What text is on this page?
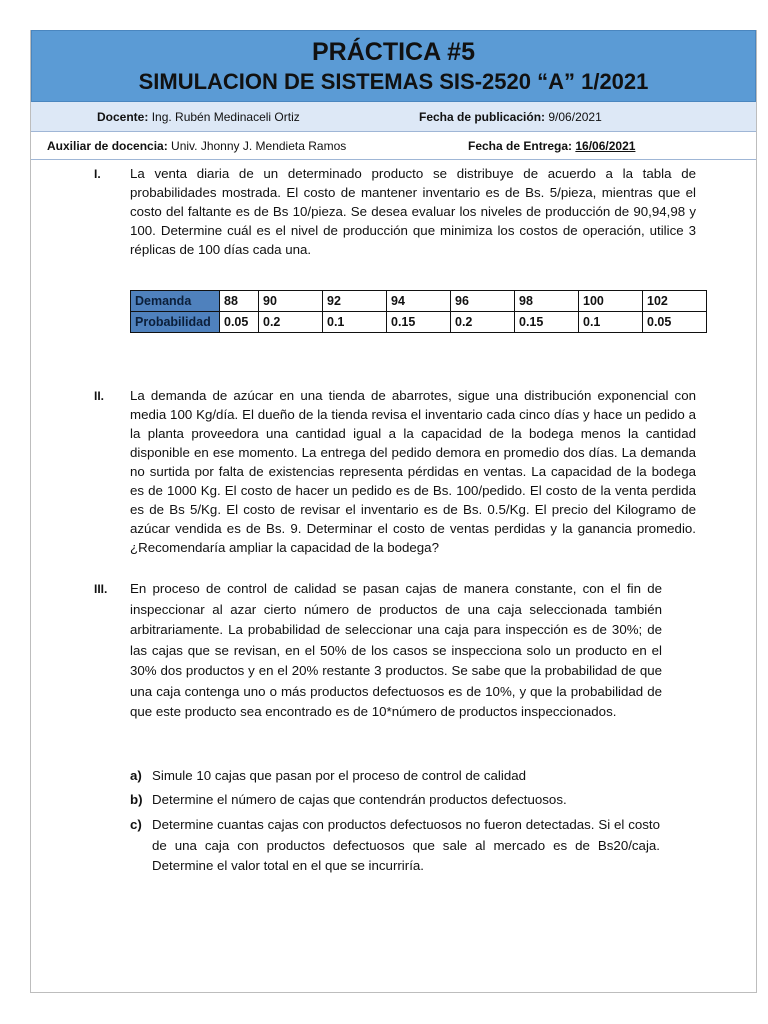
PRÁCTICA #5
SIMULACION DE SISTEMAS SIS-2520 “A” 1/2021
Docente: Ing. Rubén Medinaceli Ortiz	Fecha de publicación: 9/06/2021
Auxiliar de docencia: Univ. Jhonny J. Mendieta Ramos	Fecha de Entrega: 16/06/2021
I. La venta diaria de un determinado producto se distribuye de acuerdo a la tabla de probabilidades mostrada. El costo de mantener inventario es de Bs. 5/pieza, mientras que el costo del faltante es de Bs 10/pieza. Se desea evaluar los niveles de producción de 90,94,98 y 100. Determine cuál es el nivel de producción que minimiza los costos de operación, utilice 3 réplicas de 100 días cada una.
Demanda	88	90	92	94	96	98	100	102
Probabilidad	0.05	0.2	0.1	0.15	0.2	0.15	0.1	0.05
II. La demanda de azúcar en una tienda de abarrotes, sigue una distribución exponencial con media 100 Kg/día. El dueño de la tienda revisa el inventario cada cinco días y hace un pedido a la planta proveedora una cantidad igual a la capacidad de la bodega menos la cantidad disponible en ese momento. La entrega del pedido demora en promedio dos días. La demanda no surtida por falta de existencias representa pérdidas en ventas. La capacidad de la bodega es de 1000 Kg. El costo de hacer un pedido es de Bs. 100/pedido. El costo de la venta perdida es de Bs 5/Kg. El costo de revisar el inventario es de Bs. 0.5/Kg. El precio del Kilogramo de azúcar vendida es de Bs. 9. Determinar el costo de ventas perdidas y la ganancia promedio. ¿Recomendaría ampliar la capacidad de la bodega?
III. En proceso de control de calidad se pasan cajas de manera constante, con el fin de inspeccionar al azar cierto número de productos de una caja seleccionada también arbitrariamente. La probabilidad de seleccionar una caja para inspección es de 30%; de las cajas que se revisan, en el 50% de los casos se inspecciona solo un producto en el 30% dos productos y en el 20% restante 3 productos. Se sabe que la probabilidad de que una caja contenga uno o más productos defectuosos es de 10%, y que la probabilidad de que este producto sea encontrado es de 10*número de productos inspeccionados.
a) Simule 10 cajas que pasan por el proceso de control de calidad
b) Determine el número de cajas que contendrán productos defectuosos.
c) Determine cuantas cajas con productos defectuosos no fueron detectadas. Si el costo de una caja con productos defectuosos que sale al mercado es de Bs20/caja. Determine el valor total en el que se incurriría.
